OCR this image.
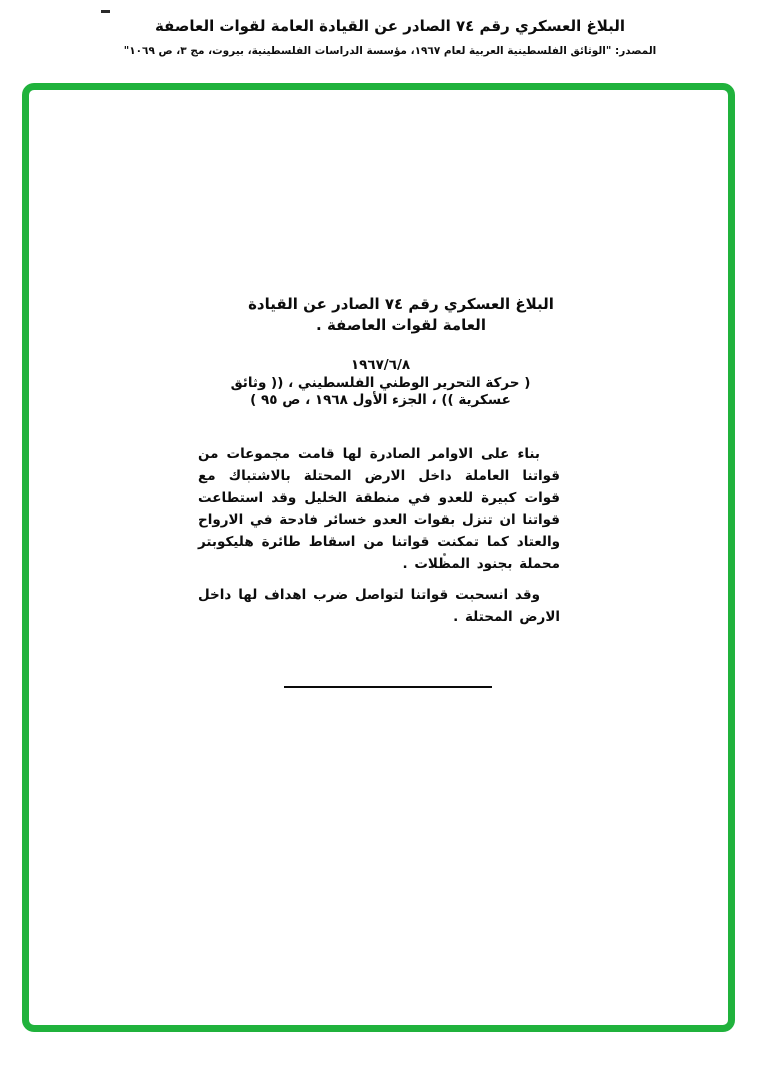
البلاغ العسكري رقم ٧٤ الصادر عن القيادة العامة لقوات العاصفة
المصدر: "الوثائق الفلسطينية العربية لعام ١٩٦٧، مؤسسة الدراسات الفلسطينية، بيروت، مج ٣، ص ١٠٦٩"
البلاغ العسكري رقم ٧٤ الصادر عن القيادة
العامة لقوات العاصفة .
١٩٦٧/٦/٨
( حركة التحرير الوطني الفلسطيني ، (( وثائق
عسكرية )) ، الجزء الأول ١٩٦٨ ، ص ٩٥ )

بناء على الاوامر الصادرة لها قامت مجموعات من قواتنا العاملة داخل الارض المحتلة بالاشتباك مع قوات كبيرة للعدو في منطقة الخليل وقد استطاعت قواتنا ان تنزل بقوات العدو خسائر فادحة في الارواح والعتاد كما تمكنت قواتنا من اسقاط طائرة هليكوبتر محملة بجنود المظلات .

وقد انسحبت قواتنا لتواصل ضرب اهداف لها داخل الارض المحتلة .
